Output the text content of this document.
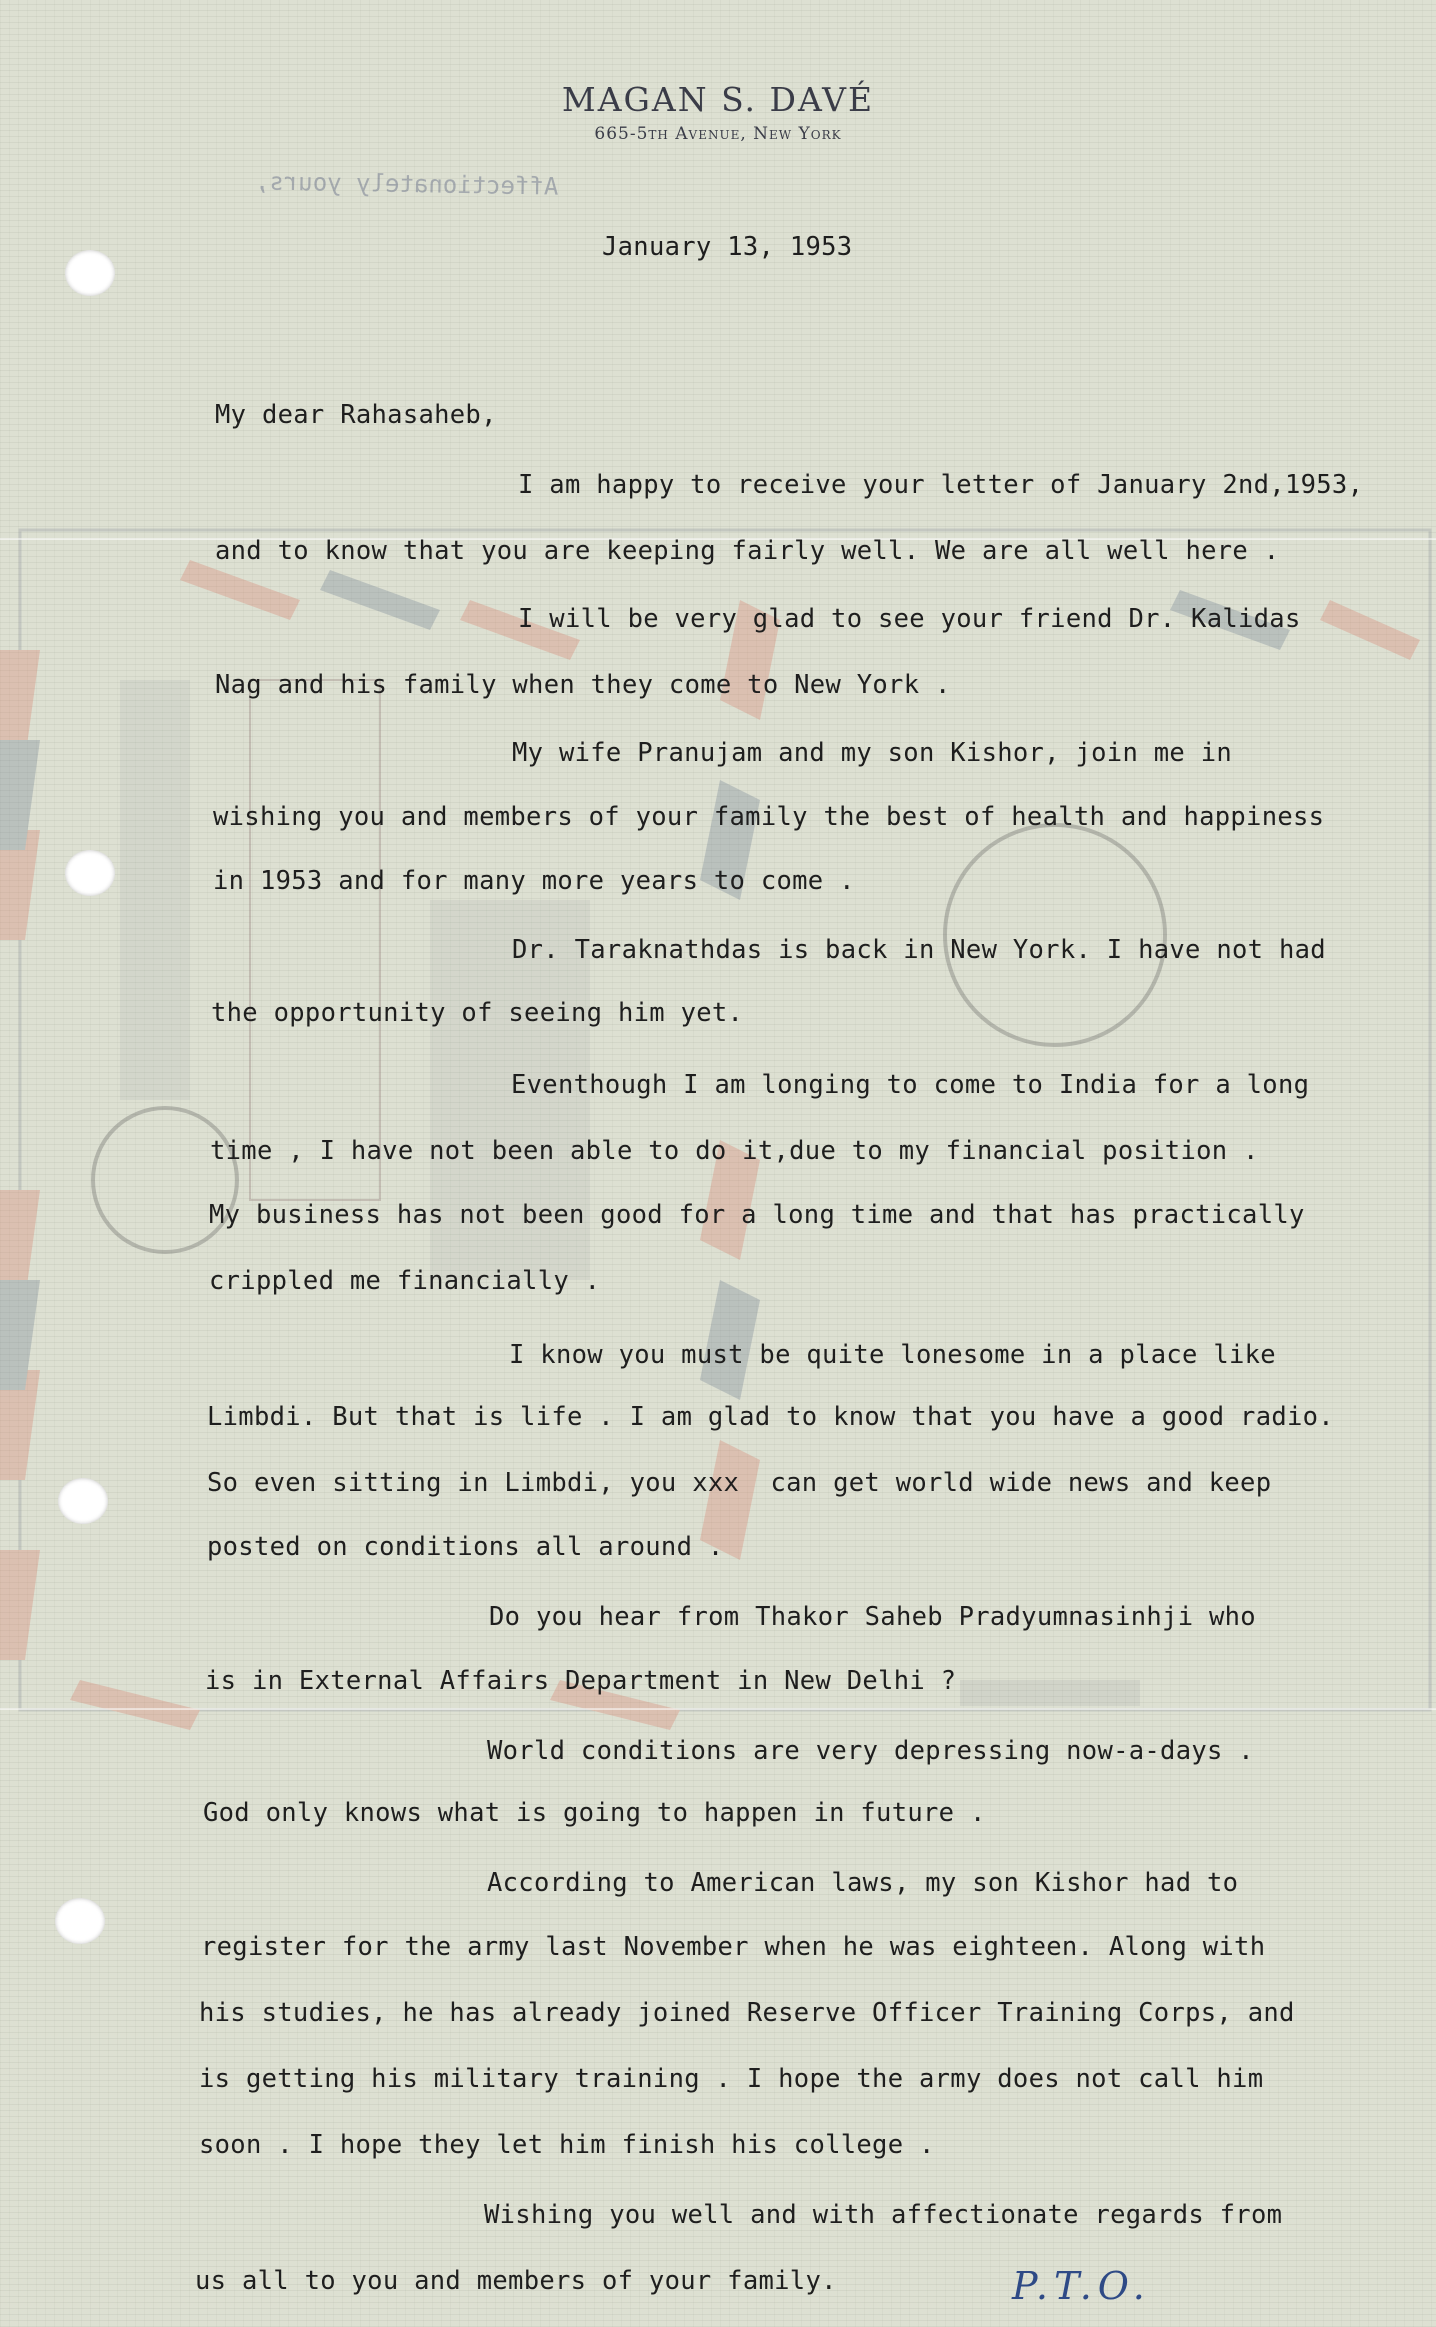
Affectionately yours,
MAGAN S. DAVÉ
665-5th Avenue, New York
January 13, 1953
My dear Rahasaheb,
I am happy to receive your letter of January 2nd,1953,
and to know that you are keeping fairly well. We are all well here .
I will be very glad to see your friend Dr. Kalidas
Nag and his family when they come to New York .
My wife Pranujam and my son Kishor, join me in
wishing you and members of your family the best of health and happiness
in 1953 and for many more years to come .
Dr. Taraknathdas is back in New York. I have not had
the opportunity of seeing him yet.
Eventhough I am longing to come to India for a long
time , I have not been able to do it,due to my financial position .
My business has not been good for a long time and that has practically
crippled me financially .
I know you must be quite lonesome in a place like
Limbdi. But that is life . I am glad to know that you have a good radio.
So even sitting in Limbdi, you xxx  can get world wide news and keep
posted on conditions all around .
Do you hear from Thakor Saheb Pradyumnasinhji who
is in External Affairs Department in New Delhi ?
World conditions are very depressing now-a-days .
God only knows what is going to happen in future .
According to American laws, my son Kishor had to
register for the army last November when he was eighteen. Along with
his studies, he has already joined Reserve Officer Training Corps, and
is getting his military training . I hope the army does not call him
soon . I hope they let him finish his college .
Wishing you well and with affectionate regards from
us all to you and members of your family.	P.T.O.
